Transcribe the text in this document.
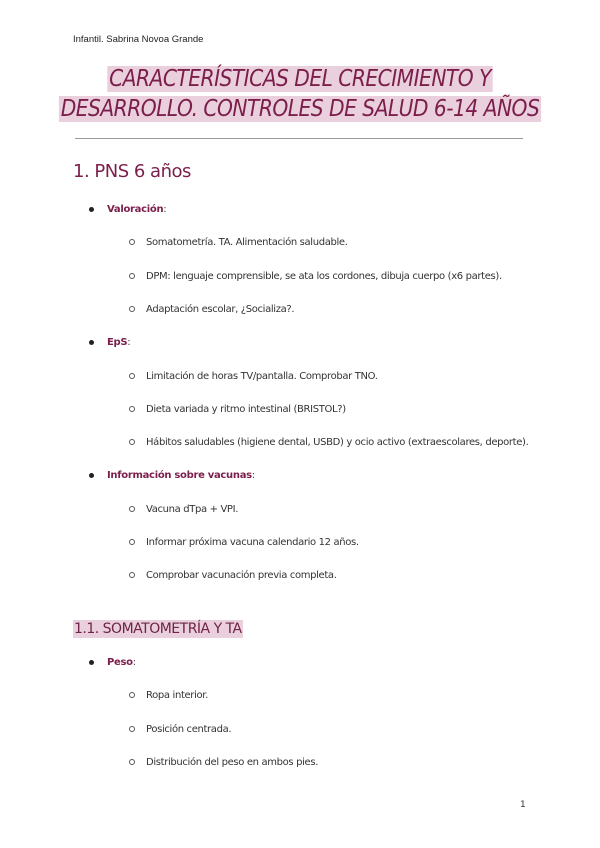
Infantil. Sabrina Novoa Grande
CARACTERÍSTICAS DEL CRECIMIENTO Y
DESARROLLO. CONTROLES DE SALUD 6-14 AÑOS
1. PNS 6 años
Valoración:
Somatometría. TA. Alimentación saludable.
DPM: lenguaje comprensible, se ata los cordones, dibuja cuerpo (x6 partes).
Adaptación escolar, ¿Socializa?.
EpS:
Limitación de horas TV/pantalla. Comprobar TNO.
Dieta variada y ritmo intestinal (BRISTOL?)
Hábitos saludables (higiene dental, USBD) y ocio activo (extraescolares, deporte).
Información sobre vacunas:
Vacuna dTpa + VPI.
Informar próxima vacuna calendario 12 años.
Comprobar vacunación previa completa.
1.1. SOMATOMETRÍA Y TA
Peso:
Ropa interior.
Posición centrada.
Distribución del peso en ambos pies.
1
